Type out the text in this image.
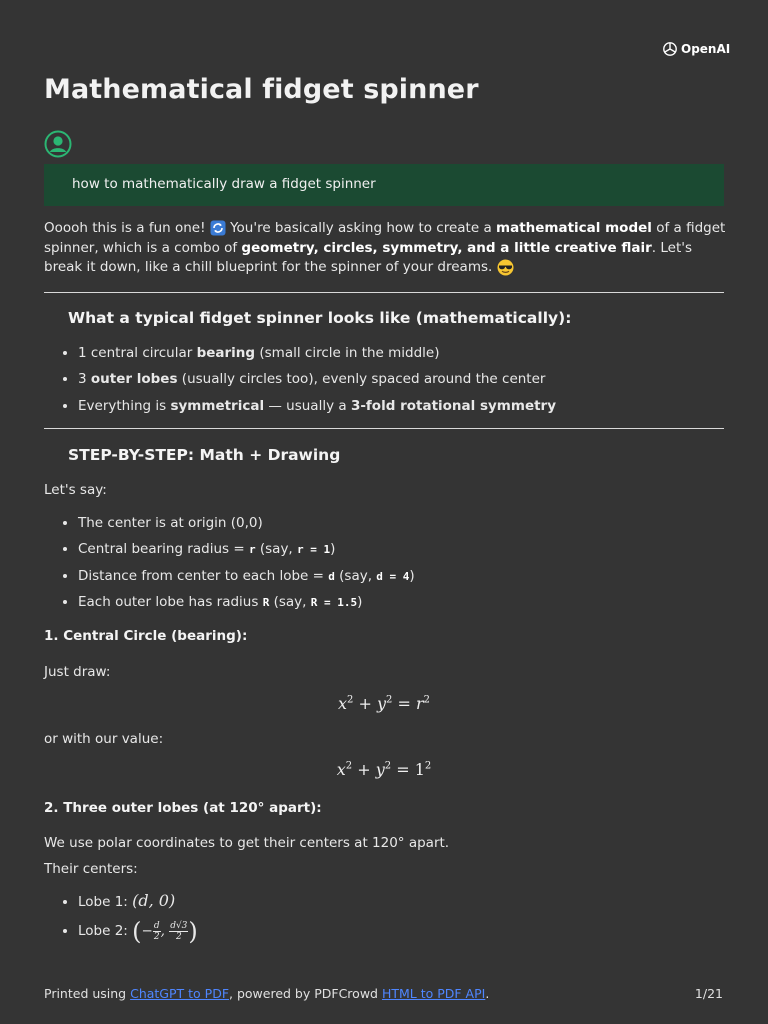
OpenAI
Mathematical fidget spinner
how to mathematically draw a fidget spinner

Ooooh this is a fun one!  You're basically asking how to create a mathematical model of a fidget spinner, which is a combo of geometry, circles, symmetry, and a little creative flair. Let's break it down, like a chill blueprint for the spinner of your dreams.

What a typical fidget spinner looks like (mathematically):
• 1 central circular bearing (small circle in the middle)
• 3 outer lobes (usually circles too), evenly spaced around the center
• Everything is symmetrical — usually a 3-fold rotational symmetry
STEP-BY-STEP: Math + Drawing

Let's say:

• The center is at origin (0,0)
• Central bearing radius = r (say, r = 1)
• Distance from center to each lobe = d (say, d = 4)
• Each outer lobe has radius R (say, R = 1.5)
1. Central Circle (bearing):

Just draw:

$x^2 + y^2 = r^2$

or with our value:

$x^2 + y^2 = 1^2$
2. Three outer lobes (at 120° apart):

We use polar coordinates to get their centers at 120° apart.

Their centers:

• Lobe 1: (d, 0)
• Lobe 2: (− $\frac{d}{2}$ , $\frac{d√3}{2}$ )
Printed using ChatGPT to PDF, powered by PDFCrowd HTML to PDF API.	1/21
